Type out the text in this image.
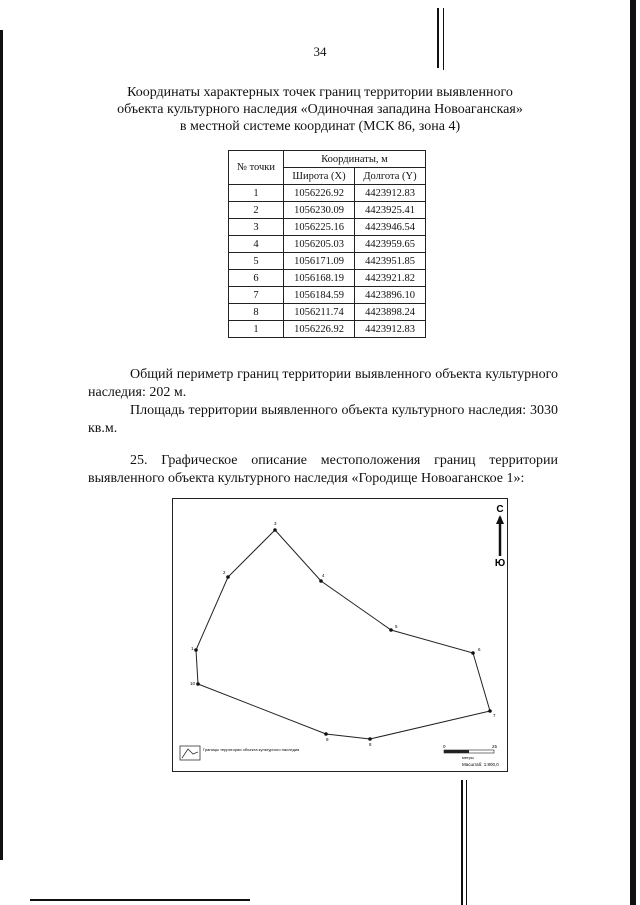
34
Координаты характерных точек границ территории выявленного
объекта культурного наследия «Одиночная западина Новоаганская»
в местной системе координат (МСК 86, зона 4)
№ точки	Координаты, м	
	Широта (X)	Долгота (Y)
1	1056226.92	4423912.83
2	1056230.09	4423925.41
3	1056225.16	4423946.54
4	1056205.03	4423959.65
5	1056171.09	4423951.85
6	1056168.19	4423921.82
7	1056184.59	4423896.10
8	1056211.74	4423898.24
1	1056226.92	4423912.83
Общий периметр границ территории выявленного объекта культурного наследия: 202 м.
Площадь территории выявленного объекта культурного наследия: 3030 кв.м.
25. Графическое описание местоположения границ территории выявленного объекта культурного наследия «Городище Новоаганское 1»:
1
2
3
4
5
6
7
8
9
10
С
Ю
Границы территории объекта культурного наследия
0	25
метры
Масштаб: 1:800,0
